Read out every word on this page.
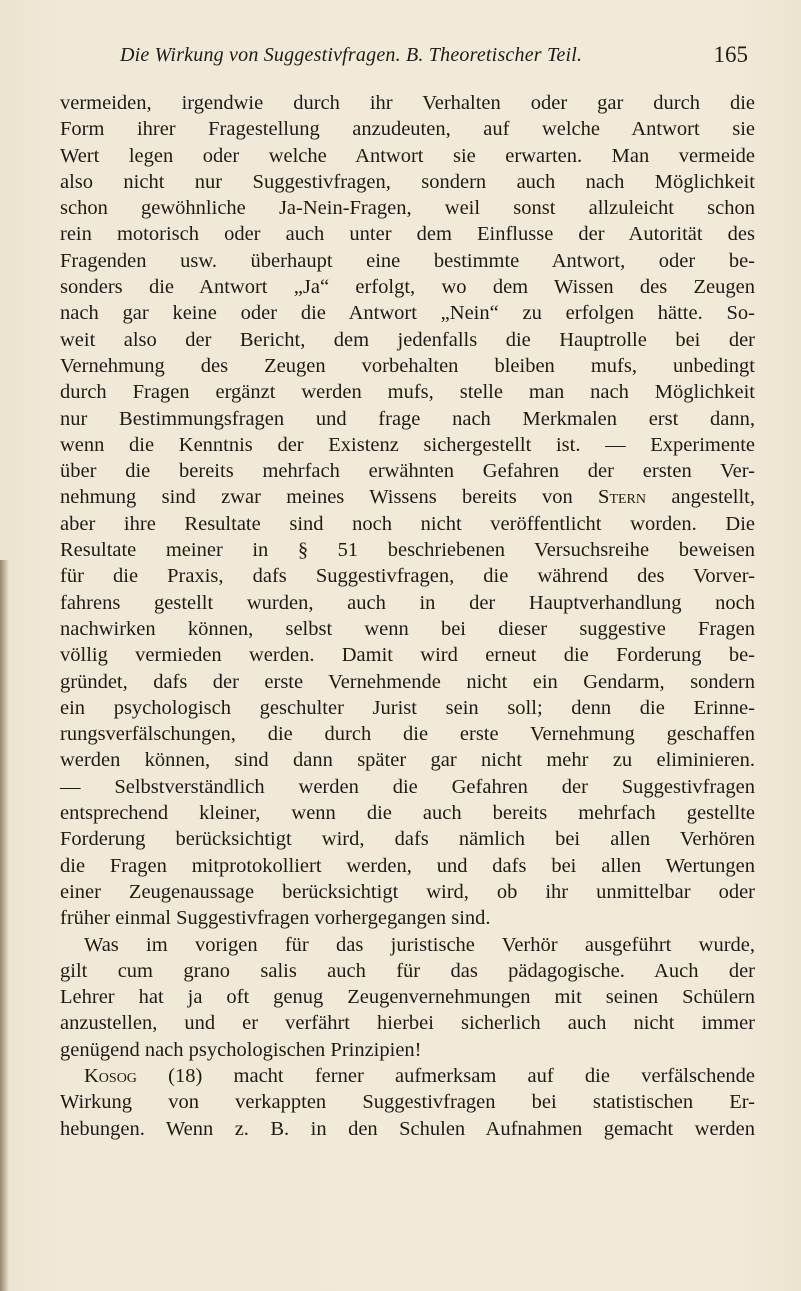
Die Wirkung von Suggestivfragen. B. Theoretischer Teil.	165
vermeiden, irgendwie durch ihr Verhalten oder gar durch die
Form ihrer Fragestellung anzudeuten, auf welche Antwort sie
Wert legen oder welche Antwort sie erwarten. Man vermeide
also nicht nur Suggestivfragen, sondern auch nach Möglichkeit
schon gewöhnliche Ja-Nein-Fragen, weil sonst allzuleicht schon
rein motorisch oder auch unter dem Einflusse der Autorität des
Fragenden usw. überhaupt eine bestimmte Antwort, oder be-
sonders die Antwort „Ja“ erfolgt, wo dem Wissen des Zeugen
nach gar keine oder die Antwort „Nein“ zu erfolgen hätte. So-
weit also der Bericht, dem jedenfalls die Hauptrolle bei der
Vernehmung des Zeugen vorbehalten bleiben mufs, unbedingt
durch Fragen ergänzt werden mufs, stelle man nach Möglichkeit
nur Bestimmungsfragen und frage nach Merkmalen erst dann,
wenn die Kenntnis der Existenz sichergestellt ist. — Experimente
über die bereits mehrfach erwähnten Gefahren der ersten Ver-
nehmung sind zwar meines Wissens bereits von Stern angestellt,
aber ihre Resultate sind noch nicht veröffentlicht worden. Die
Resultate meiner in § 51 beschriebenen Versuchsreihe beweisen
für die Praxis, dafs Suggestivfragen, die während des Vorver-
fahrens gestellt wurden, auch in der Hauptverhandlung noch
nachwirken können, selbst wenn bei dieser suggestive Fragen
völlig vermieden werden. Damit wird erneut die Forderung be-
gründet, dafs der erste Vernehmende nicht ein Gendarm, sondern
ein psychologisch geschulter Jurist sein soll; denn die Erinne-
rungsverfälschungen, die durch die erste Vernehmung geschaffen
werden können, sind dann später gar nicht mehr zu eliminieren.
— Selbstverständlich werden die Gefahren der Suggestivfragen
entsprechend kleiner, wenn die auch bereits mehrfach gestellte
Forderung berücksichtigt wird, dafs nämlich bei allen Verhören
die Fragen mitprotokolliert werden, und dafs bei allen Wertungen
einer Zeugenaussage berücksichtigt wird, ob ihr unmittelbar oder
früher einmal Suggestivfragen vorhergegangen sind.
Was im vorigen für das juristische Verhör ausgeführt wurde,
gilt cum grano salis auch für das pädagogische. Auch der
Lehrer hat ja oft genug Zeugenvernehmungen mit seinen Schülern
anzustellen, und er verfährt hierbei sicherlich auch nicht immer
genügend nach psychologischen Prinzipien!
Kosog (18) macht ferner aufmerksam auf die verfälschende
Wirkung von verkappten Suggestivfragen bei statistischen Er-
hebungen. Wenn z. B. in den Schulen Aufnahmen gemacht werden
